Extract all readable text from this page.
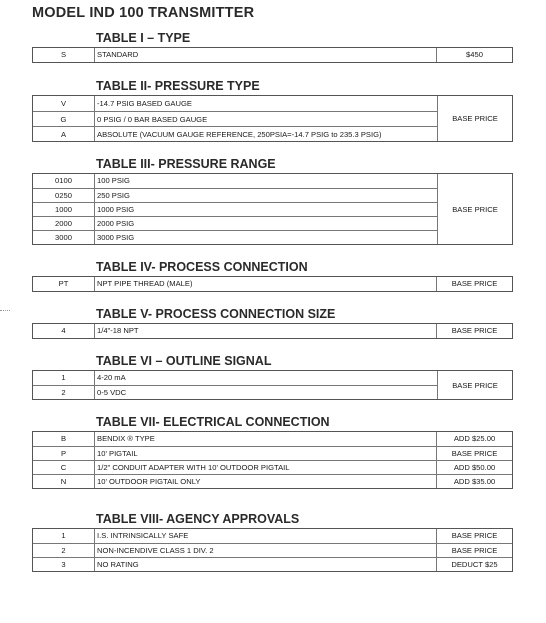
MODEL IND 100 TRANSMITTER
TABLE I – TYPE
S	STANDARD	$450
TABLE II- PRESSURE TYPE
V	-14.7 PSIG BASED GAUGE
G	0 PSIG / 0 BAR BASED GAUGE
A	ABSOLUTE (VACUUM GAUGE REFERENCE, 250PSIA=-14.7 PSIG to 235.3 PSIG)
BASE PRICE
TABLE III- PRESSURE RANGE
0100	100 PSIG
0250	250 PSIG
1000	1000 PSIG
2000	2000 PSIG
3000	3000 PSIG
BASE PRICE
TABLE IV- PROCESS CONNECTION
PT	NPT PIPE THREAD (MALE)	BASE PRICE
TABLE V- PROCESS CONNECTION SIZE
4	1/4"-18 NPT	BASE PRICE
TABLE VI – OUTLINE SIGNAL
1	4-20 mA
2	0-5 VDC
BASE PRICE
TABLE VII- ELECTRICAL CONNECTION
B	BENDIX ® TYPE	ADD $25.00
P	10' PIGTAIL	BASE PRICE
C	1/2" CONDUIT ADAPTER WITH 10' OUTDOOR PIGTAIL	ADD $50.00
N	10' OUTDOOR PIGTAIL ONLY	ADD $35.00
TABLE VIII- AGENCY APPROVALS
1	I.S. INTRINSICALLY SAFE	BASE PRICE
2	NON-INCENDIVE CLASS 1 DIV. 2	BASE PRICE
3	NO RATING	DEDUCT $25
